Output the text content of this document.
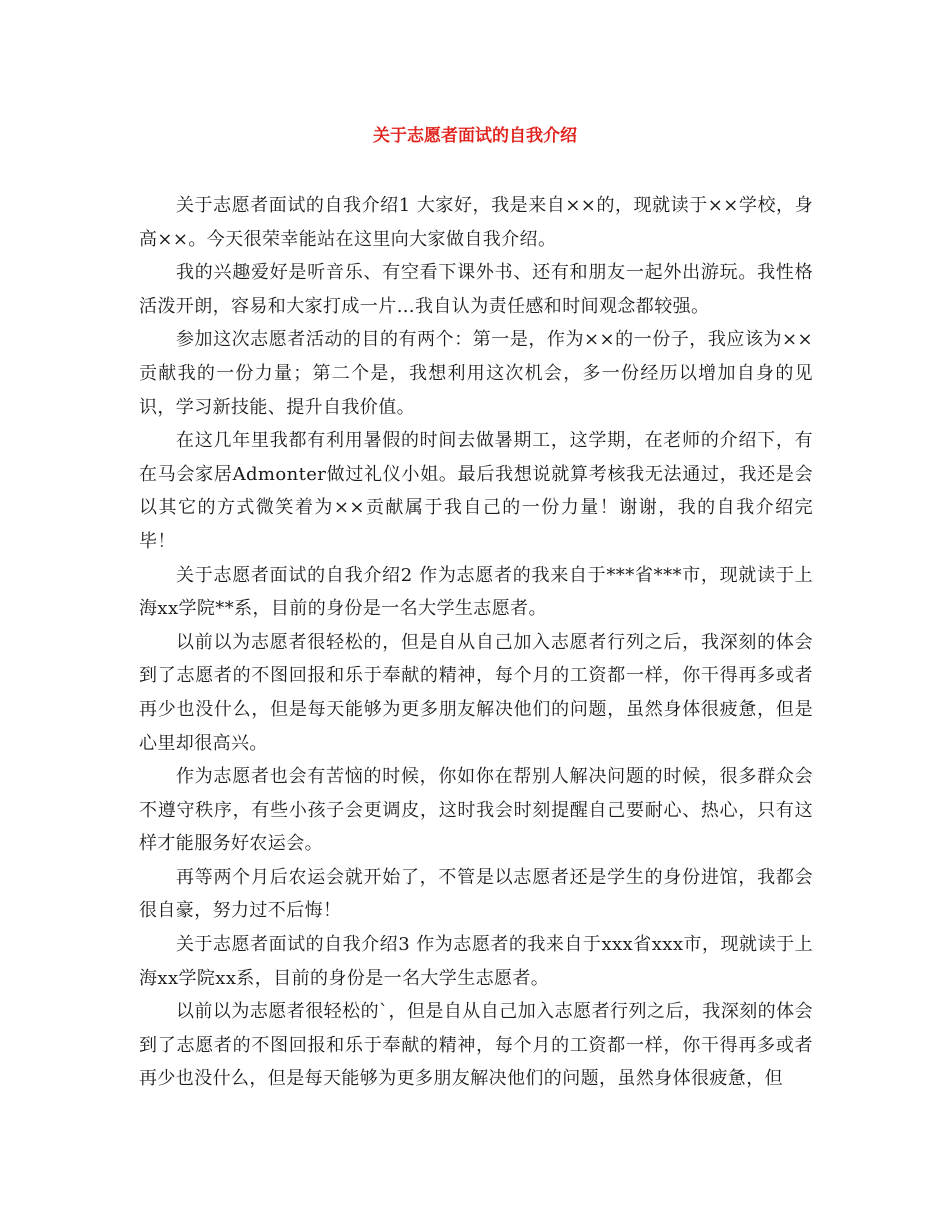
关于志愿者面试的自我介绍

关于志愿者面试的自我介绍1 大家好，我是来自××的，现就读于××学校，身高××。今天很荣幸能站在这里向大家做自我介绍。

我的兴趣爱好是听音乐、有空看下课外书、还有和朋友一起外出游玩。我性格活泼开朗，容易和大家打成一片…我自认为责任感和时间观念都较强。

参加这次志愿者活动的目的有两个：第一是，作为××的一份子，我应该为××贡献我的一份力量；第二个是，我想利用这次机会，多一份经历以增加自身的见识，学习新技能、提升自我价值。

在这几年里我都有利用暑假的时间去做暑期工，这学期，在老师的介绍下，有在马会家居Admonter做过礼仪小姐。最后我想说就算考核我无法通过，我还是会以其它的方式微笑着为××贡献属于我自己的一份力量！谢谢，我的自我介绍完毕！

关于志愿者面试的自我介绍2 作为志愿者的我来自于***省***市，现就读于上海xx学院**系，目前的身份是一名大学生志愿者。

以前以为志愿者很轻松的，但是自从自己加入志愿者行列之后，我深刻的体会到了志愿者的不图回报和乐于奉献的精神，每个月的工资都一样，你干得再多或者再少也没什么，但是每天能够为更多朋友解决他们的问题，虽然身体很疲惫，但是心里却很高兴。

作为志愿者也会有苦恼的时候，你如你在帮别人解决问题的时候，很多群众会不遵守秩序，有些小孩子会更调皮，这时我会时刻提醒自己要耐心、热心，只有这样才能服务好农运会。

再等两个月后农运会就开始了，不管是以志愿者还是学生的身份进馆，我都会很自豪，努力过不后悔！

关于志愿者面试的自我介绍3 作为志愿者的我来自于xxx省xxx市，现就读于上海xx学院xx系，目前的身份是一名大学生志愿者。

以前以为志愿者很轻松的`，但是自从自己加入志愿者行列之后，我深刻的体会到了志愿者的不图回报和乐于奉献的精神，每个月的工资都一样，你干得再多或者再少也没什么，但是每天能够为更多朋友解决他们的问题，虽然身体很疲惫，但
